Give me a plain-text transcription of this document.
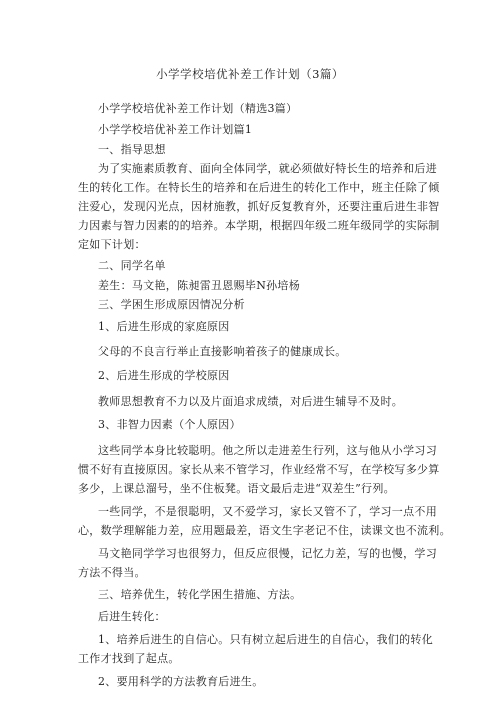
小学学校培优补差工作计划（3篇）
小学学校培优补差工作计划（精选3篇）
小学学校培优补差工作计划篇1
一、指导思想
为了实施素质教育、面向全体同学，就必须做好特长生的培养和后进
生的转化工作。在特长生的培养和在后进生的转化工作中，班主任除了倾
注爱心，发现闪光点，因材施教，抓好反复教育外，还要注重后进生非智
力因素与智力因素的的培养。本学期，根据四年级二班年级同学的实际制
定如下计划：
二、同学名单
差生：马文艳，陈昶雷丑恩赐毕N孙培杨
三、学困生形成原因情况分析
1、后进生形成的家庭原因
父母的不良言行举止直接影响着孩子的健康成长。
2、后进生形成的学校原因
教师思想教育不力以及片面追求成绩，对后进生辅导不及时。
3、非智力因素（个人原因）
这些同学本身比较聪明。他之所以走进差生行列，这与他从小学习习
惯不好有直接原因。家长从来不管学习，作业经常不写，在学校写多少算
多少，上课总溜号，坐不住板凳。语文最后走进“双差生”行列。
一些同学，不是很聪明，又不爱学习，家长又管不了，学习一点不用
心，数学理解能力差，应用题最差，语文生字老记不住，读课文也不流利。
马文艳同学学习也很努力，但反应很慢，记忆力差，写的也慢，学习
方法不得当。
三、培养优生，转化学困生措施、方法。
后进生转化：
1、培养后进生的自信心。只有树立起后进生的自信心，我们的转化
工作才找到了起点。
2、要用科学的方法教育后进生。
